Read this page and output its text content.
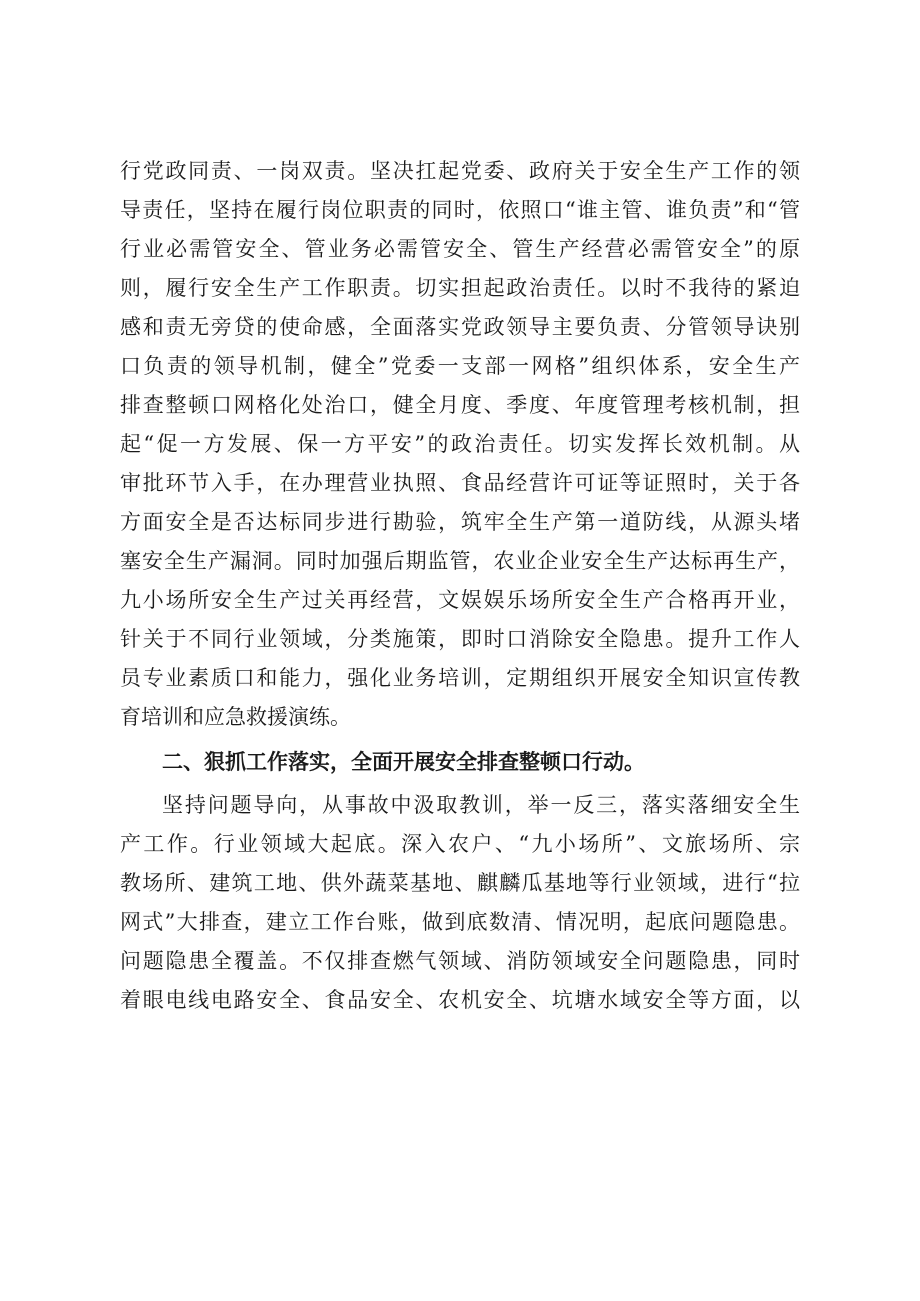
行党政同责、一岗双责。坚决扛起党委、政府关于安全生产工作的领
导责任，坚持在履行岗位职责的同时，依照口“谁主管、谁负责”和“管
行业必需管安全、管业务必需管安全、管生产经营必需管安全”的原
则，履行安全生产工作职责。切实担起政治责任。以时不我待的紧迫
感和责无旁贷的使命感，全面落实党政领导主要负责、分管领导诀别
口负责的领导机制，健全”党委一支部一网格”组织体系，安全生产
排查整顿口网格化处治口，健全月度、季度、年度管理考核机制，担
起“促一方发展、保一方平安”的政治责任。切实发挥长效机制。从
审批环节入手，在办理营业执照、食品经营许可证等证照时，关于各
方面安全是否达标同步进行勘验，筑牢全生产第一道防线，从源头堵
塞安全生产漏洞。同时加强后期监管，农业企业安全生产达标再生产，
九小场所安全生产过关再经营，文娱娱乐场所安全生产合格再开业，
针关于不同行业领域，分类施策，即时口消除安全隐患。提升工作人
员专业素质口和能力，强化业务培训，定期组织开展安全知识宣传教
育培训和应急救援演练。
二、狠抓工作落实，全面开展安全排查整顿口行动。
坚持问题导向，从事故中汲取教训，举一反三，落实落细安全生
产工作。行业领域大起底。深入农户、“九小场所”、文旅场所、宗
教场所、建筑工地、供外蔬菜基地、麒麟瓜基地等行业领域，进行“拉
网式”大排查，建立工作台账，做到底数清、情况明，起底问题隐患。
问题隐患全覆盖。不仅排查燃气领域、消防领域安全问题隐患，同时
着眼电线电路安全、食品安全、农机安全、坑塘水域安全等方面，以
